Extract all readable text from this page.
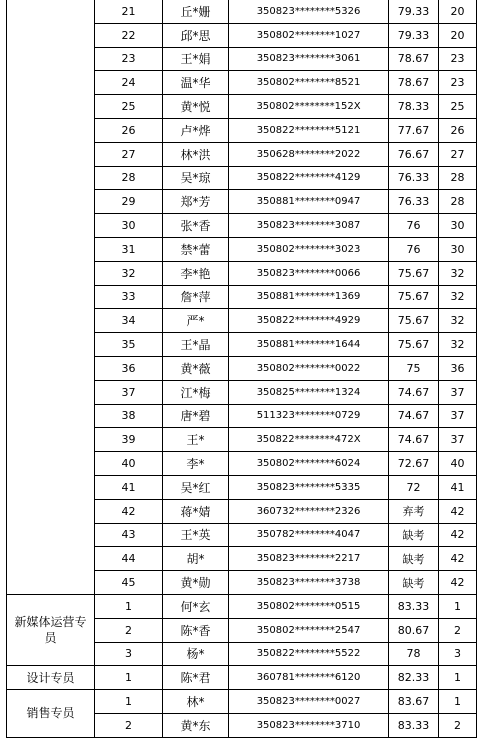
	21	丘*姗	350823********5326	79.33	20
	22	邱*思	350802********1027	79.33	20
	23	王*娟	350823********3061	78.67	23
	24	温*华	350802********8521	78.67	23
	25	黄*悦	350802********152X	78.33	25
	26	卢*烨	350822********5121	77.67	26
	27	林*洪	350628********2022	76.67	27
	28	吴*琼	350822********4129	76.33	28
	29	郑*芳	350881********0947	76.33	28
	30	张*香	350823********3087	76	30
	31	禁*蕾	350802********3023	76	30
	32	李*艳	350823********0066	75.67	32
	33	詹*萍	350881********1369	75.67	32
	34	严*	350822********4929	75.67	32
	35	王*晶	350881********1644	75.67	32
	36	黄*薇	350802********0022	75	36
	37	江*梅	350825********1324	74.67	37
	38	唐*碧	511323********0729	74.67	37
	39	王*	350822********472X	74.67	37
	40	李*	350802********6024	72.67	40
	41	吴*红	350823********5335	72	41
	42	蒋*婧	360732********2326	弃考	42
	43	王*英	350782********4047	缺考	42
	44	胡*	350823********2217	缺考	42
	45	黄*勋	350823********3738	缺考	42
新媒体运营专员	1	何*玄	350802********0515	83.33	1
	2	陈*香	350802********2547	80.67	2
	3	杨*	350822********5522	78	3
设计专员	1	陈*君	360781********6120	82.33	1
销售专员	1	林*	350823********0027	83.67	1
	2	黄*东	350823********3710	83.33	2
